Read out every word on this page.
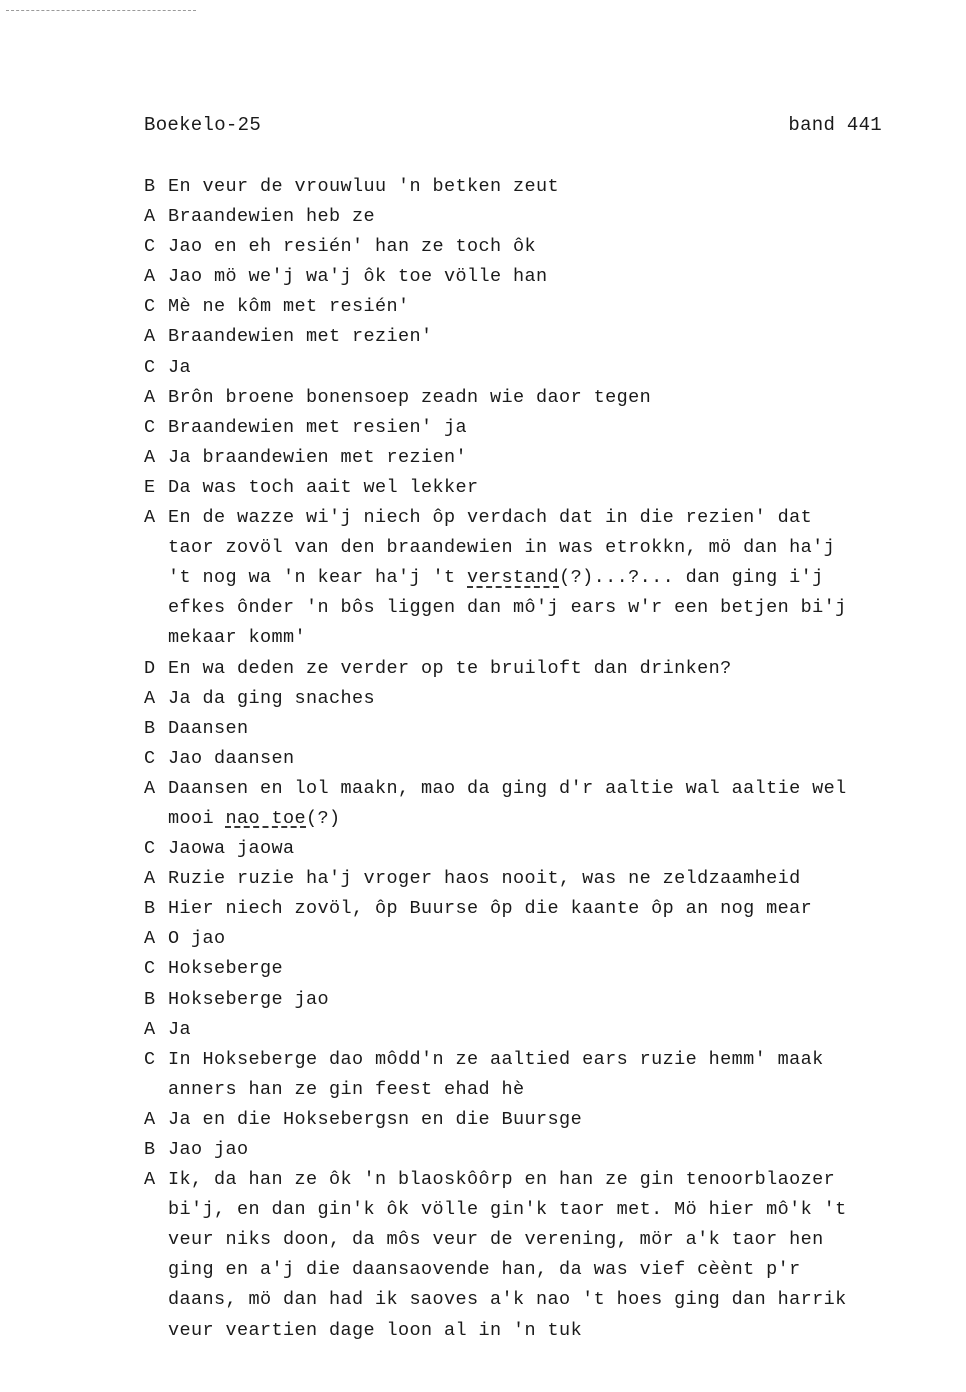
Boekelo-25	band 441
B En veur de vrouwluu 'n betken zeut
A Braandewien heb ze
C Jao en eh resién' han ze toch ôk
A Jao mö we'j wa'j ôk toe völle han
C Mè ne kôm met resién'
A Braandewien met rezien'
C Ja
A Brôn broene bonensoep zeadn wie daor tegen
C Braandewien met resien' ja
A Ja braandewien met rezien'
E Da was toch aait wel lekker
A En de wazze wi'j niech ôp verdach dat in die rezien' dat
taor zovöl van den braandewien in was etrokkn, mö dan ha'j
't nog wa 'n kear ha'j 't verstand(?)...?... dan ging i'j
efkes ônder 'n bôs liggen dan mô'j ears w'r een betjen bi'j
mekaar komm'
D En wa deden ze verder op te bruiloft dan drinken?
A Ja da ging snaches
B Daansen
C Jao daansen
A Daansen en lol maakn, mao da ging d'r aaltie wal aaltie wel
mooi nao toe(?)
C Jaowa jaowa
A Ruzie ruzie ha'j vroger haos nooit, was ne zeldzaamheid
B Hier niech zovöl, ôp Buurse ôp die kaante ôp an nog mear
A O jao
C Hokseberge
B Hokseberge jao
A Ja
C In Hokseberge dao môdd'n ze aaltied ears ruzie hemm' maak
anners han ze gin feest ehad hè
A Ja en die Hoksebergsn en die Buursge
B Jao jao
A Ik, da han ze ôk 'n blaoskôôrp en han ze gin tenoorblaozer
bi'j, en dan gin'k ôk völle gin'k taor met. Mö hier mô'k 't
veur niks doon, da môs veur de verening, mör a'k taor hen
ging en a'j die daansaovende han, da was vief cèènt p'r
daans, mö dan had ik saoves a'k nao 't hoes ging dan harrik
veur veartien dage loon al in 'n tuk
